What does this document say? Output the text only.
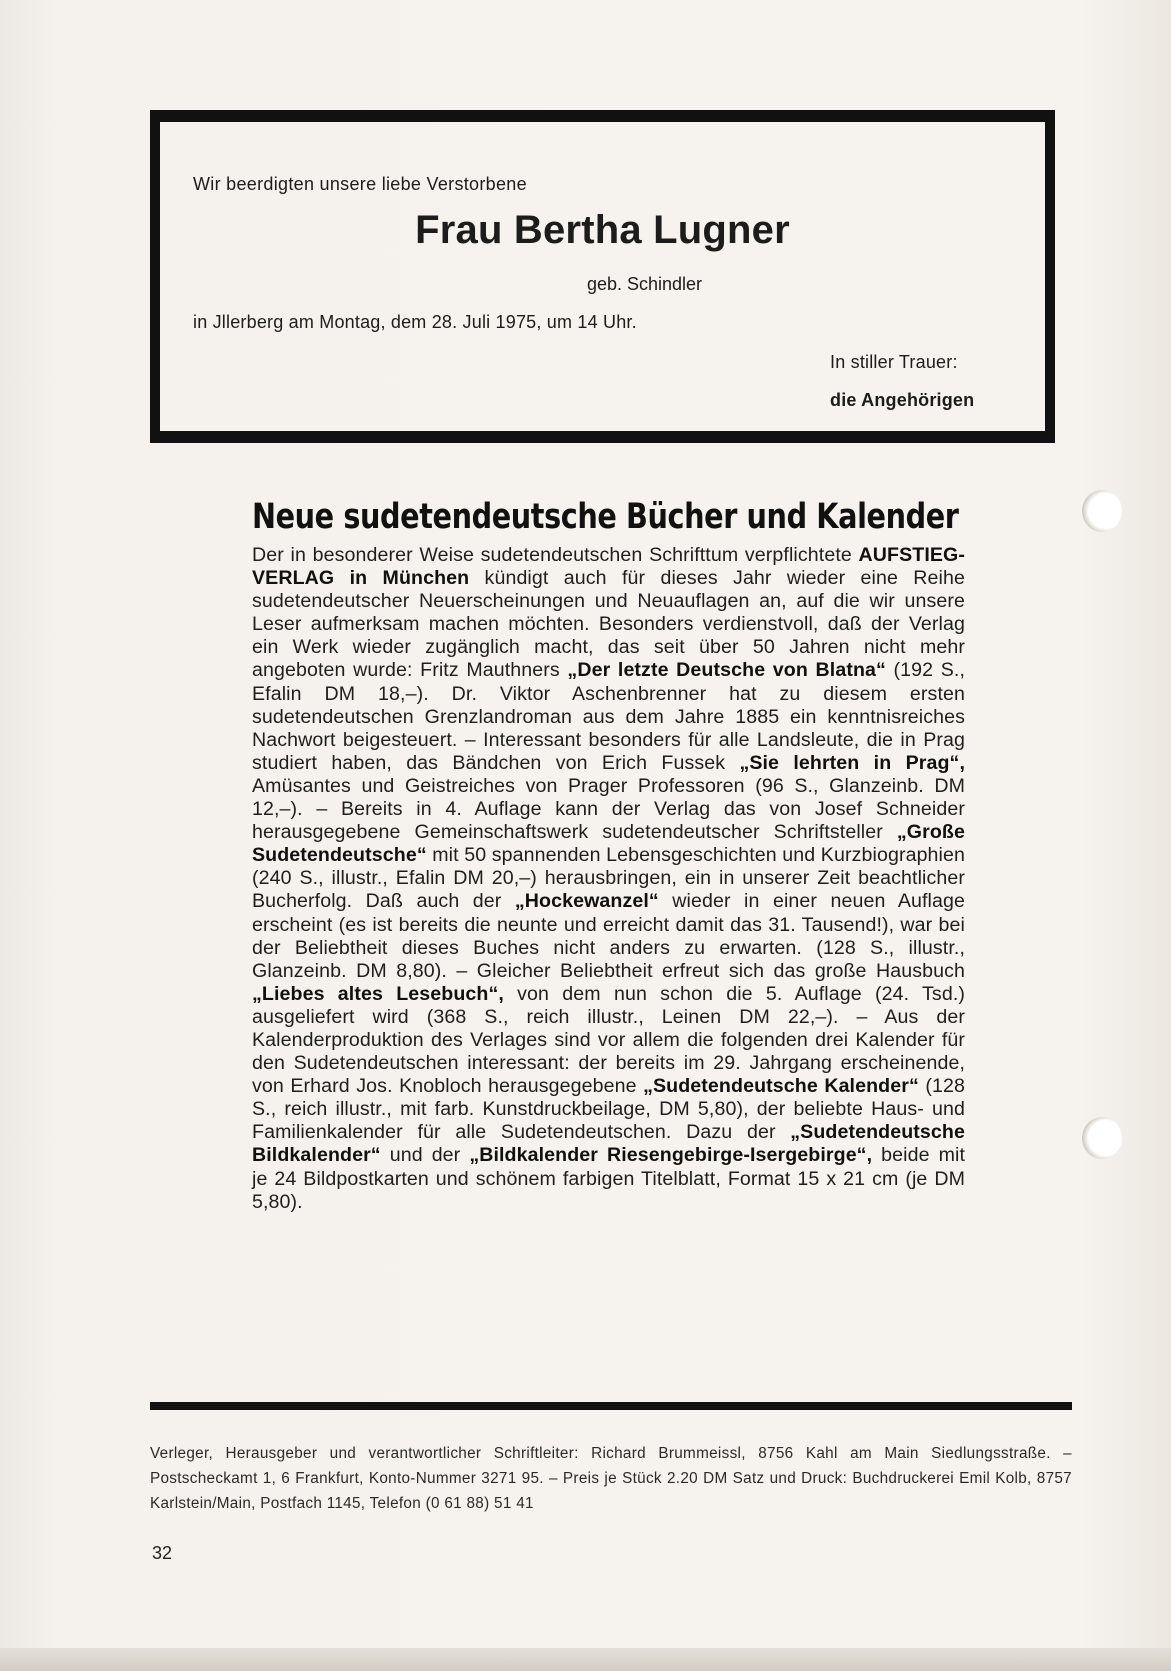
Wir beerdigten unsere liebe Verstorbene
Frau Bertha Lugner
geb. Schindler
in Jllerberg am Montag, dem 28. Juli 1975, um 14 Uhr.
In stiller Trauer:
die Angehörigen
Neue sudetendeutsche Bücher und Kalender
Der in besonderer Weise sudetendeutschen Schrifttum verpflichtete AUFSTIEG-VERLAG in München kündigt auch für dieses Jahr wieder eine Reihe sudetendeutscher Neuerscheinungen und Neuauflagen an, auf die wir unsere Leser aufmerksam machen möchten. Besonders verdienstvoll, daß der Verlag ein Werk wieder zugänglich macht, das seit über 50 Jahren nicht mehr angeboten wurde: Fritz Mauthners „Der letzte Deutsche von Blatna“ (192 S., Efalin DM 18,–). Dr. Viktor Aschenbrenner hat zu diesem ersten sudetendeutschen Grenzlandroman aus dem Jahre 1885 ein kenntnisreiches Nachwort beigesteuert. – Interessant besonders für alle Landsleute, die in Prag studiert haben, das Bändchen von Erich Fussek „Sie lehrten in Prag“, Amüsantes und Geistreiches von Prager Professoren (96 S., Glanzeinb. DM 12,–). – Bereits in 4. Auflage kann der Verlag das von Josef Schneider herausgegebene Gemeinschaftswerk sudetendeutscher Schriftsteller „Große Sudetendeutsche“ mit 50 spannenden Lebensgeschichten und Kurzbiographien (240 S., illustr., Efalin DM 20,–) herausbringen, ein in unserer Zeit beachtlicher Bucherfolg. Daß auch der „Hockewanzel“ wieder in einer neuen Auflage erscheint (es ist bereits die neunte und erreicht damit das 31. Tausend!), war bei der Beliebtheit dieses Buches nicht anders zu erwarten. (128 S., illustr., Glanzeinb. DM 8,80). – Gleicher Beliebtheit erfreut sich das große Hausbuch „Liebes altes Lesebuch“, von dem nun schon die 5. Auflage (24. Tsd.) ausgeliefert wird (368 S., reich illustr., Leinen DM 22,–). – Aus der Kalenderproduktion des Verlages sind vor allem die folgenden drei Kalender für den Sudetendeutschen interessant: der bereits im 29. Jahrgang erscheinende, von Erhard Jos. Knobloch herausgegebene „Sudetendeutsche Kalender“ (128 S., reich illustr., mit farb. Kunstdruckbeilage, DM 5,80), der beliebte Haus- und Familienkalender für alle Sudetendeutschen. Dazu der „Sudetendeutsche Bildkalender“ und der „Bildkalender Riesengebirge-Isergebirge“, beide mit je 24 Bildpostkarten und schönem farbigen Titelblatt, Format 15 x 21 cm (je DM 5,80).
Verleger, Herausgeber und verantwortlicher Schriftleiter: Richard Brummeissl, 8756 Kahl am Main Siedlungsstraße. – Postscheckamt 1, 6 Frankfurt, Konto-Nummer 3271 95. – Preis je Stück 2.20 DM Satz und Druck: Buchdruckerei Emil Kolb, 8757 Karlstein/Main, Postfach 1145, Telefon (0 61 88) 51 41
32
